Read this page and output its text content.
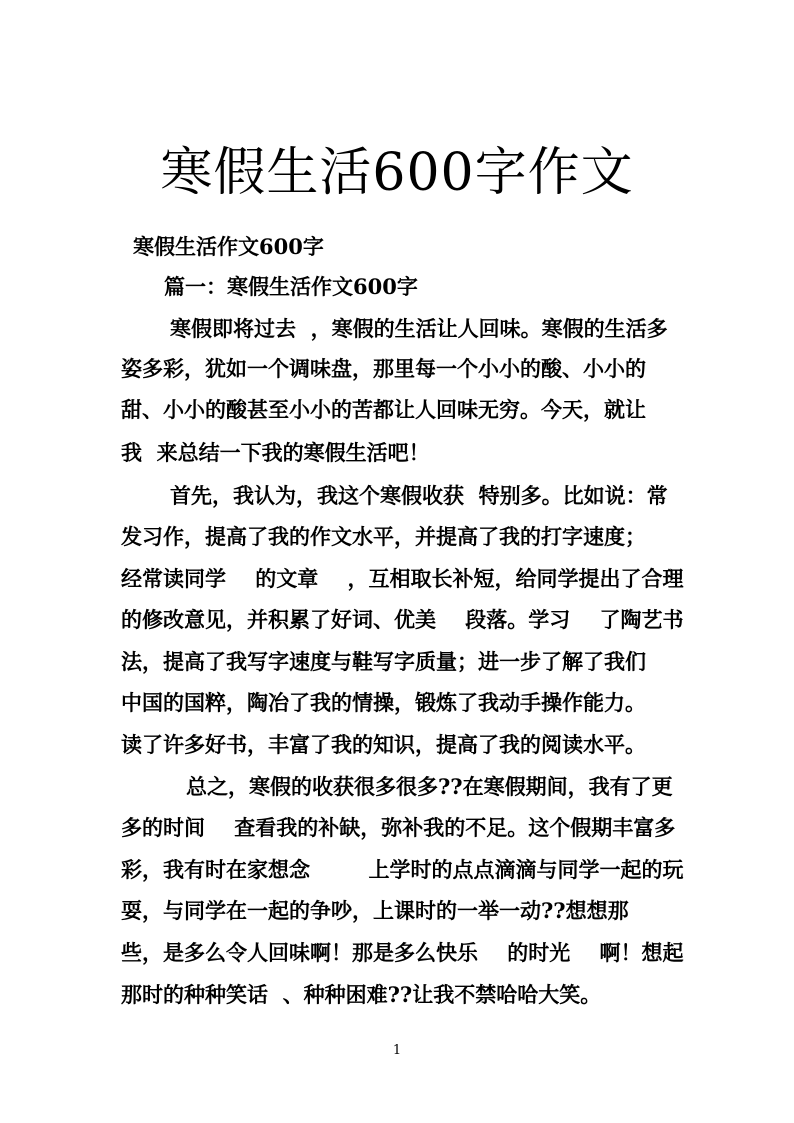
寒假生活600字作文

寒假生活作文600字

篇一：寒假生活作文600字

寒假即将过去  ，寒假的生活让人回味。寒假的生活多

姿多彩，犹如一个调味盘，那里每一个小小的酸、小小的

甜、小小的酸甚至小小的苦都让人回味无穷。今天，就让

我  来总结一下我的寒假生活吧！

首先，我认为，我这个寒假收获  特别多。比如说：常

发习作，提高了我的作文水平，并提高了我的打字速度；

经常读同学    的文章    ，互相取长补短，给同学提出了合理

的修改意见，并积累了好词、优美    段落。学习    了陶艺书

法，提高了我写字速度与鞋写字质量；进一步了解了我们

中国的国粹，陶冶了我的情操，锻炼了我动手操作能力。

读了许多好书，丰富了我的知识，提高了我的阅读水平。

总之，寒假的收获很多很多??在寒假期间，我有了更

多的时间    查看我的补缺，弥补我的不足。这个假期丰富多

彩，我有时在家想念        上学时的点点滴滴与同学一起的玩

耍，与同学在一起的争吵，上课时的一举一动??想想那

些，是多么令人回味啊！那是多么快乐    的时光    啊！想起

那时的种种笑话  、种种困难??让我不禁哈哈大笑。

1
